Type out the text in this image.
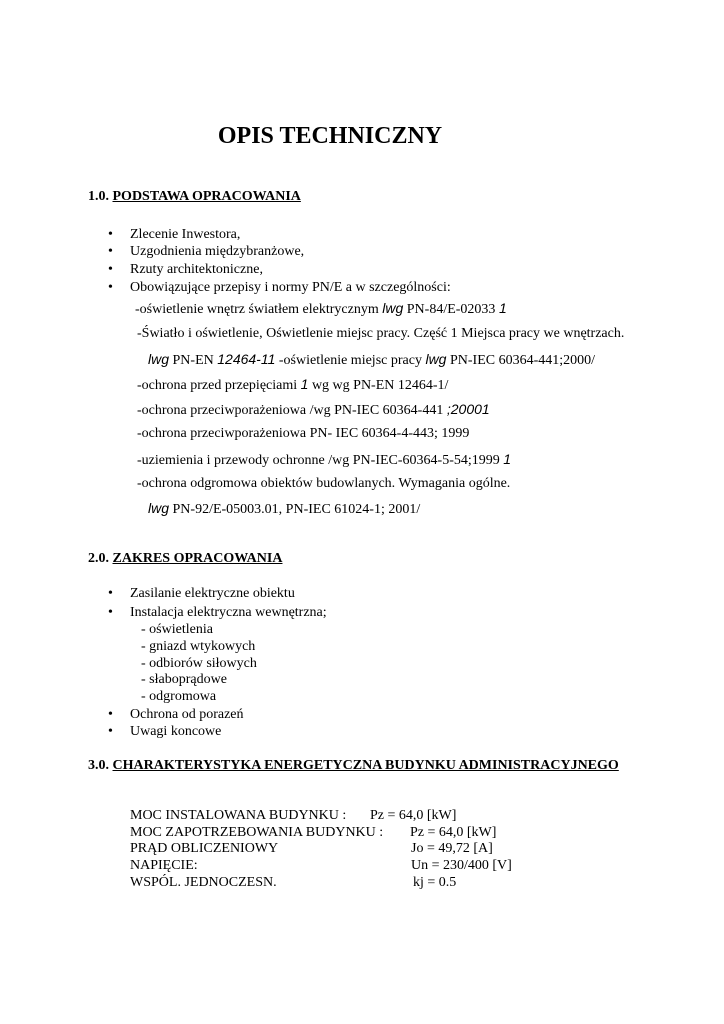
OPIS TECHNICZNY
1.0. PODSTAWA OPRACOWANIA
• Zlecenie Inwestora,
• Uzgodnienia międzybranżowe,
• Rzuty architektoniczne,
• Obowiązujące przepisy i normy PN/E a w szczególności:
-oświetlenie wnętrz światłem elektrycznym lwg PN-84/E-02033 1
-Światło i oświetlenie, Oświetlenie miejsc pracy. Część 1 Miejsca pracy we wnętrzach.
lwg PN-EN 12464-11 -oświetlenie miejsc pracy lwg PN-IEC 60364-441;2000/
-ochrona przed przepięciami 1 wg wg PN-EN 12464-1/
-ochrona przeciwporażeniowa /wg PN-IEC 60364-441 ;20001
-ochrona przeciwporażeniowa PN- IEC 60364-4-443; 1999
-uziemienia i przewody ochronne /wg PN-IEC-60364-5-54;1999 1
-ochrona odgromowa obiektów budowlanych. Wymagania ogólne.
lwg PN-92/E-05003.01, PN-IEC 61024-1; 2001/
2.0. ZAKRES OPRACOWANIA
• Zasilanie elektryczne obiektu
• Instalacja elektryczna wewnętrzna;
- oświetlenia
- gniazd wtykowych
- odbiorów siłowych
- słaboprądowe
- odgromowa
• Ochrona od porazeń
• Uwagi koncowe
3.0. CHARAKTERYSTYKA ENERGETYCZNA BUDYNKU ADMINISTRACYJNEGO
MOC INSTALOWANA BUDYNKU : Pz = 64,0 [kW]
MOC ZAPOTRZEBOWANIA BUDYNKU : Pz = 64,0 [kW]
PRĄD OBLICZENIOWY	Jo = 49,72 [A]
NAPIĘCIE:	Un = 230/400 [V]
WSPÓL. JEDNOCZESN.	kj = 0.5
